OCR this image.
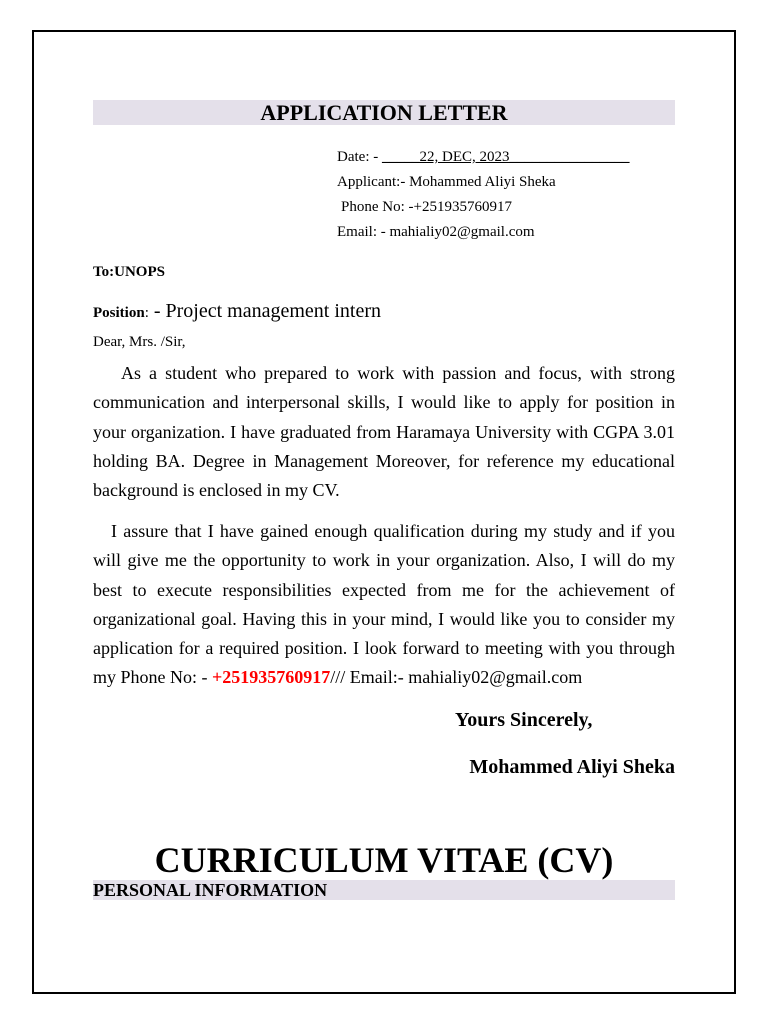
APPLICATION LETTER
Date: - _____22, DEC, 2023________________
Applicant:- Mohammed Aliyi Sheka
Phone No: -+251935760917
Email: - mahialiy02@gmail.com
To:UNOPS
Position: - Project management intern
Dear, Mrs. /Sir,

As a student who prepared to work with passion and focus, with strong communication and interpersonal skills, I would like to apply for position in your organization. I have graduated from Haramaya University with CGPA 3.01 holding BA. Degree in Management Moreover, for reference my educational background is enclosed in my CV.

I assure that I have gained enough qualification during my study and if you will give me the opportunity to work in your organization. Also, I will do my best to execute responsibilities expected from me for the achievement of organizational goal. Having this in your mind, I would like you to consider my application for a required position. I look forward to meeting with you through my Phone No: - +251935760917/// Email:- mahialiy02@gmail.com

Yours Sincerely,
Mohammed Aliyi Sheka
CURRICULUM VITAE (CV)
PERSONAL INFORMATION
